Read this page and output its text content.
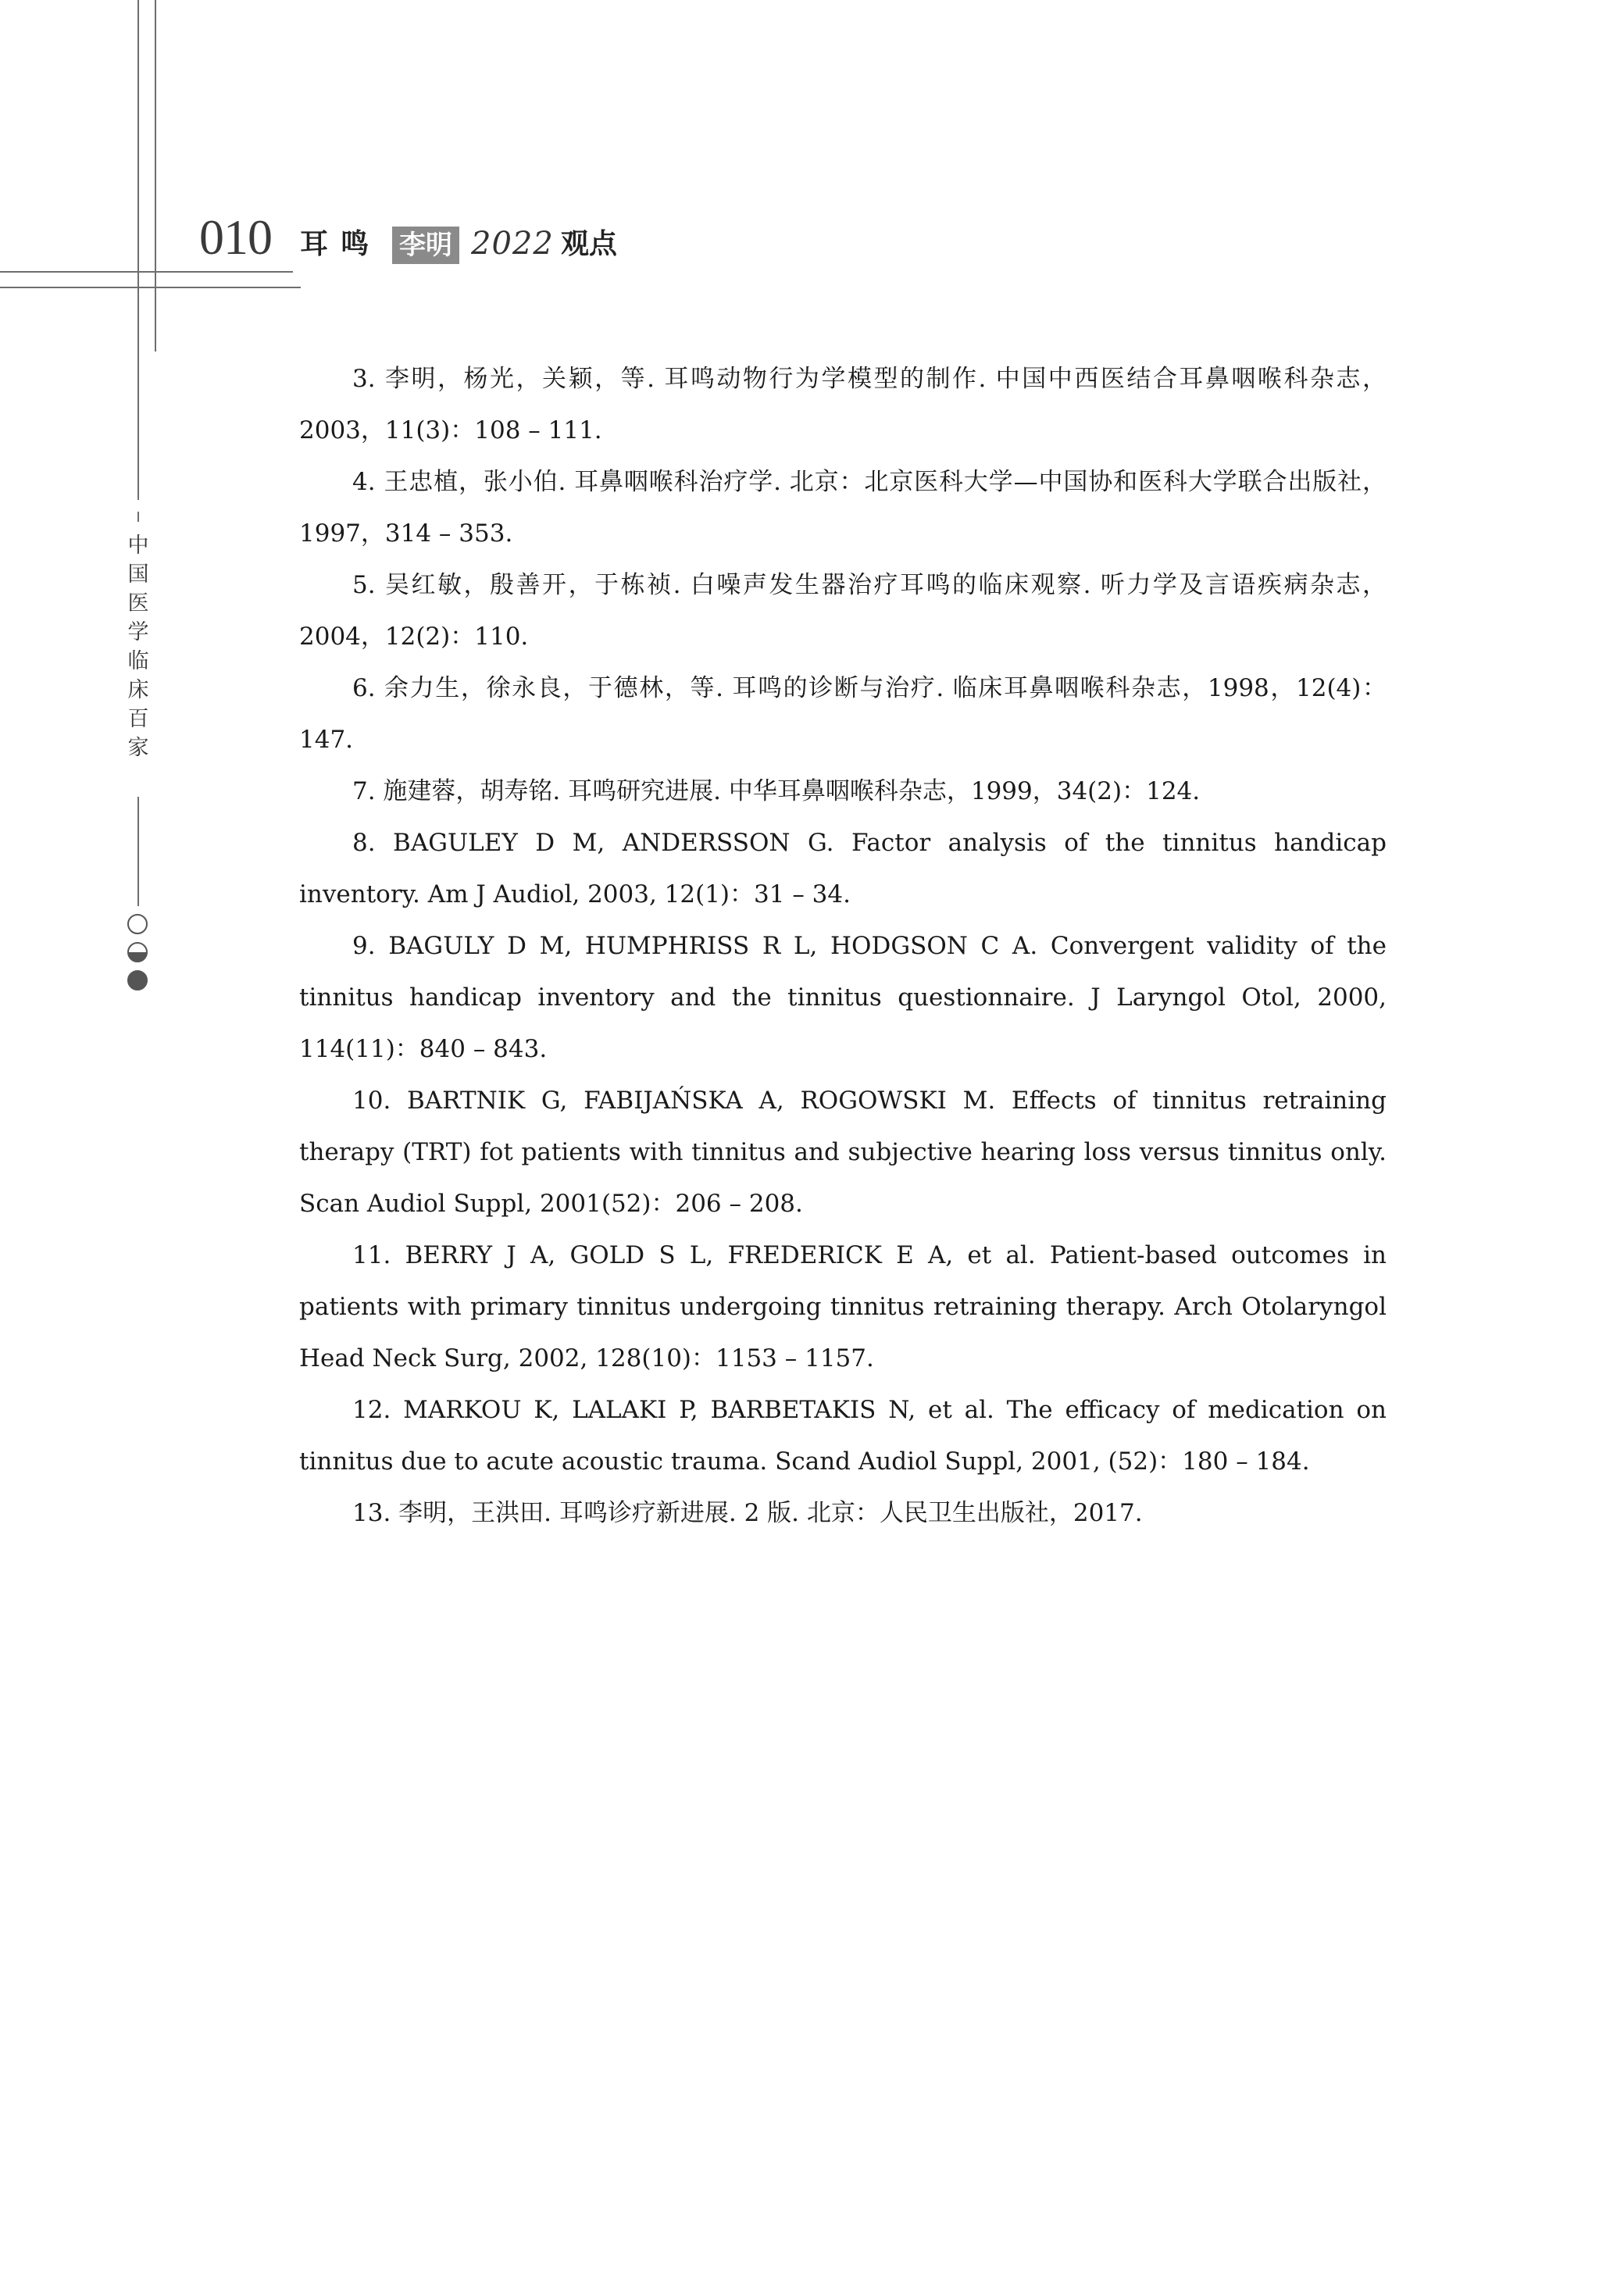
010 耳鸣 李明 2022 观点
中国医学临床百家

3. 李明，杨光，关颖，等. 耳鸣动物行为学模型的制作. 中国中西医结合耳鼻咽喉科杂志，2003，11(3)：108 – 111.

4. 王忠植，张小伯. 耳鼻咽喉科治疗学. 北京：北京医科大学—中国协和医科大学联合出版社，1997，314 – 353.

5. 吴红敏，殷善开，于栋祯. 白噪声发生器治疗耳鸣的临床观察. 听力学及言语疾病杂志，2004，12(2)：110.

6. 余力生，徐永良，于德林，等. 耳鸣的诊断与治疗. 临床耳鼻咽喉科杂志，1998，12(4)：147.

7. 施建蓉，胡寿铭. 耳鸣研究进展. 中华耳鼻咽喉科杂志，1999，34(2)：124.

8. BAGULEY D M, ANDERSSON G. Factor analysis of the tinnitus handicap inventory. Am J Audiol, 2003, 12(1)：31 – 34.

9. BAGULY D M, HUMPHRISS R L, HODGSON C A. Convergent validity of the tinnitus handicap inventory and the tinnitus questionnaire. J Laryngol Otol, 2000, 114(11)：840 – 843.

10. BARTNIK G, FABIJAŃSKA A, ROGOWSKI M. Effects of tinnitus retraining therapy (TRT) fot patients with tinnitus and subjective hearing loss versus tinnitus only. Scan Audiol Suppl, 2001(52)：206 – 208.

11. BERRY J A, GOLD S L, FREDERICK E A, et al. Patient-based outcomes in patients with primary tinnitus undergoing tinnitus retraining therapy. Arch Otolaryngol Head Neck Surg, 2002, 128(10)：1153 – 1157.

12. MARKOU K, LALAKI P, BARBETAKIS N, et al. The efficacy of medication on tinnitus due to acute acoustic trauma. Scand Audiol Suppl, 2001, (52)：180 – 184.

13. 李明，王洪田. 耳鸣诊疗新进展. 2 版. 北京：人民卫生出版社，2017.
